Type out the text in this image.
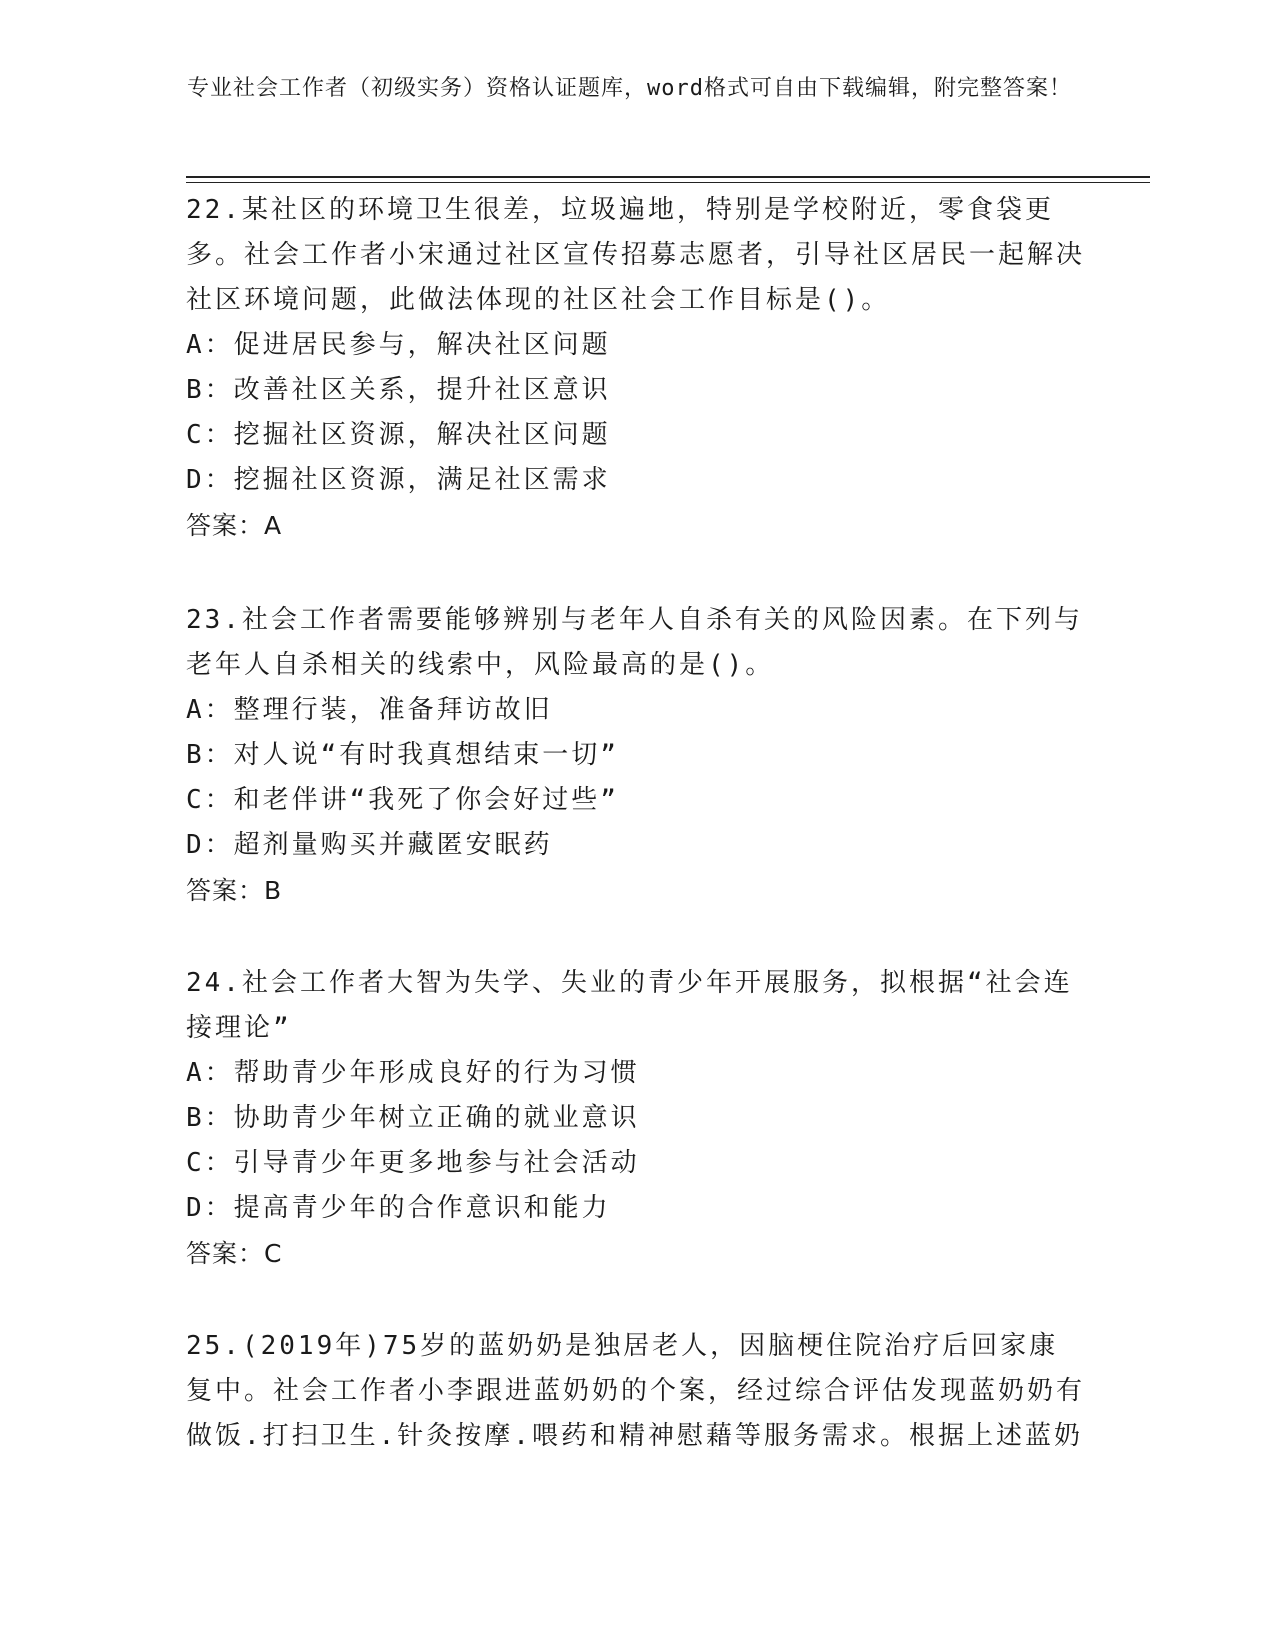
专业社会工作者（初级实务）资格认证题库，word格式可自由下载编辑，附完整答案！

22.某社区的环境卫生很差，垃圾遍地，特别是学校附近，零食袋更多。社会工作者小宋通过社区宣传招募志愿者，引导社区居民一起解决社区环境问题，此做法体现的社区社会工作目标是()。

A：促进居民参与，解决社区问题

B：改善社区关系，提升社区意识

C：挖掘社区资源，解决社区问题

D：挖掘社区资源，满足社区需求

答案：A

23.社会工作者需要能够辨别与老年人自杀有关的风险因素。在下列与老年人自杀相关的线索中，风险最高的是()。

A：整理行装，准备拜访故旧

B：对人说“有时我真想结束一切”

C：和老伴讲“我死了你会好过些”

D：超剂量购买并藏匿安眠药

答案：B

24.社会工作者大智为失学、失业的青少年开展服务，拟根据“社会连接理论”

A：帮助青少年形成良好的行为习惯

B：协助青少年树立正确的就业意识

C：引导青少年更多地参与社会活动

D：提高青少年的合作意识和能力

答案：C

25.(2019年)75岁的蓝奶奶是独居老人，因脑梗住院治疗后回家康复中。社会工作者小李跟进蓝奶奶的个案，经过综合评估发现蓝奶奶有做饭.打扫卫生.针灸按摩.喂药和精神慰藉等服务需求。根据上述蓝奶
